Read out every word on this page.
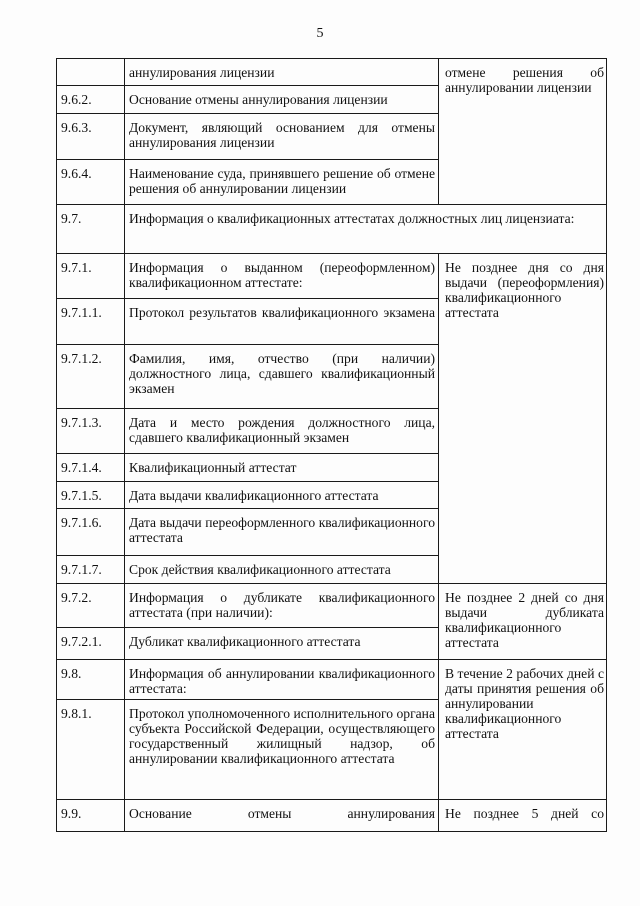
5
	аннулирования лицензии	отмене решения об аннулировании лицензии
9.6.2.	Основание отмены аннулирования лицензии	
9.6.3.	Документ, являющий основанием для отмены аннулирования лицензии	
9.6.4.	Наименование суда, принявшего решение об отмене решения об аннулировании лицензии	
9.7.	Информация о квалификационных аттестатах должностных лиц лицензиата:	
9.7.1.	Информация о выданном (переоформленном) квалификационном аттестате:	Не позднее дня со дня выдачи (переоформления) квалификационного аттестата
9.7.1.1.	Протокол результатов квалификационного экзамена	
9.7.1.2.	Фамилия, имя, отчество (при наличии) должностного лица, сдавшего квалификационный экзамен	
9.7.1.3.	Дата и место рождения должностного лица, сдавшего квалификационный экзамен	
9.7.1.4.	Квалификационный аттестат	
9.7.1.5.	Дата выдачи квалификационного аттестата	
9.7.1.6.	Дата выдачи переоформленного квалификационного аттестата	
9.7.1.7.	Срок действия квалификационного аттестата	
9.7.2.	Информация о дубликате квалификационного аттестата (при наличии):	Не позднее 2 дней со дня выдачи дубликата квалификационного аттестата
9.7.2.1.	Дубликат квалификационного аттестата	
9.8.	Информация об аннулировании квалификационного аттестата:	В течение 2 рабочих дней с даты принятия решения об аннулировании квалификационного аттестата
9.8.1.	Протокол уполномоченного исполнительного органа субъекта Российской Федерации, осуществляющего государственный жилищный надзор, об аннулировании квалификационного аттестата	
9.9.	Основание отмены аннулирования	Не позднее 5 дней со
